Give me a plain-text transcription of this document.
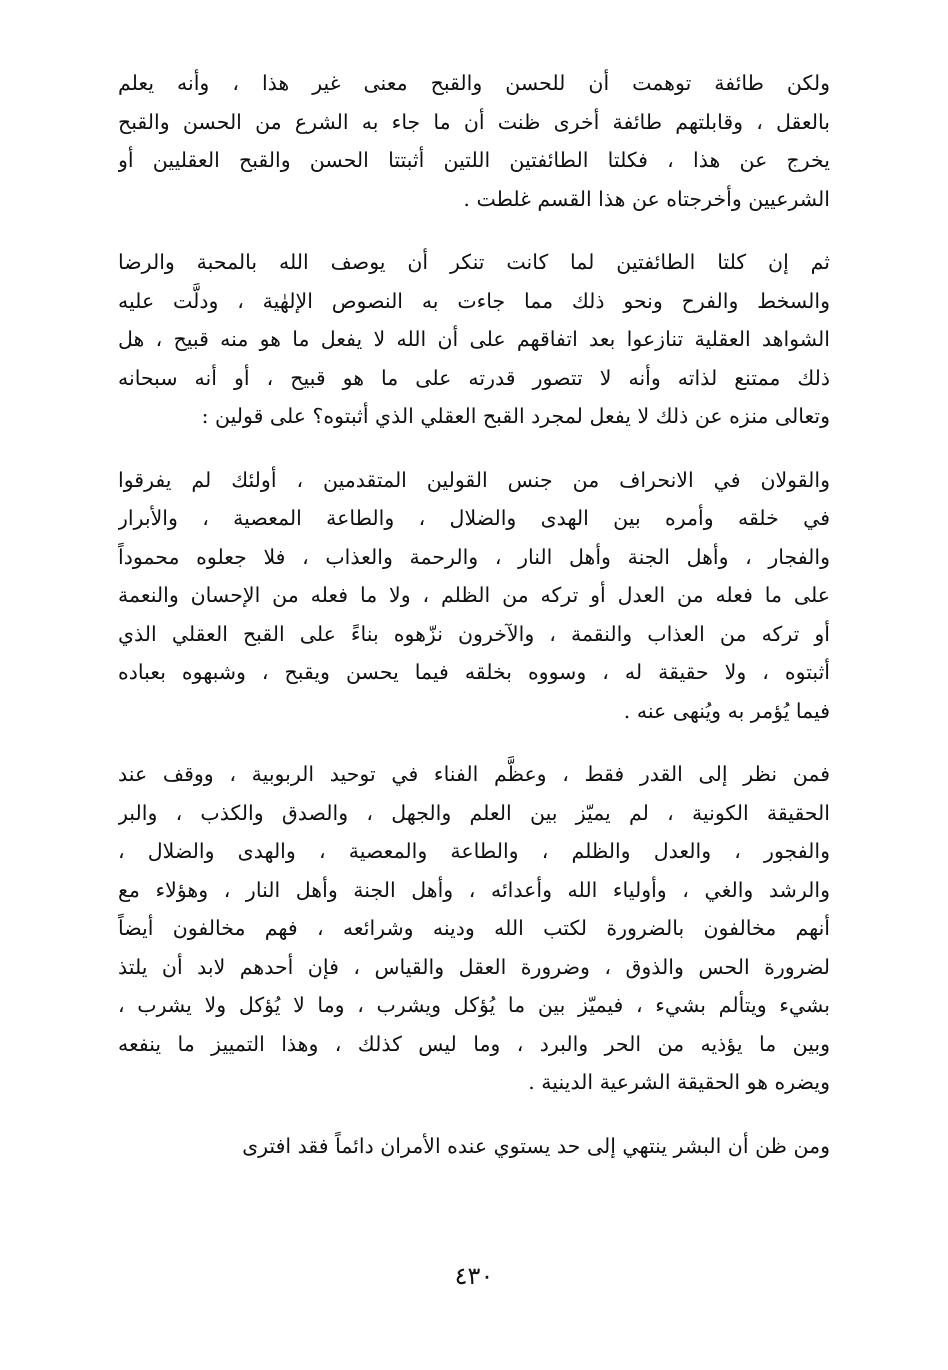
ولكن طائفة توهمت أن للحسن والقبح معنى غير هذا ، وأنه يعلم
بالعقل ، وقابلتهم طائفة أخرى ظنت أن ما جاء به الشرع من الحسن والقبح
يخرج عن هذا ، فكلتا الطائفتين اللتين أثبتتا الحسن والقبح العقليين أو
الشرعيين وأخرجتاه عن هذا القسم غلطت .
ثم إن كلتا الطائفتين لما كانت تنكر أن يوصف الله بالمحبة والرضا
والسخط والفرح ونحو ذلك مما جاءت به النصوص الإلهٰية ، ودلَّت عليه
الشواهد العقلية تنازعوا بعد اتفاقهم على أن الله لا يفعل ما هو منه قبيح ، هل
ذلك ممتنع لذاته وأنه لا تتصور قدرته على ما هو قبيح ، أو أنه سبحانه
وتعالى منزه عن ذلك لا يفعل لمجرد القبح العقلي الذي أثبتوه؟ على قولين :
والقولان في الانحراف من جنس القولين المتقدمين ، أولئك لم يفرقوا
في خلقه وأمره بين الهدى والضلال ، والطاعة المعصية ، والأبرار
والفجار ، وأهل الجنة وأهل النار ، والرحمة والعذاب ، فلا جعلوه محموداً
على ما فعله من العدل أو تركه من الظلم ، ولا ما فعله من الإحسان والنعمة
أو تركه من العذاب والنقمة ، والآخرون نزّهوه بناءً على القبح العقلي الذي
أثبتوه ، ولا حقيقة له ، وسووه بخلقه فيما يحسن ويقبح ، وشبهوه بعباده
فيما يُؤمر به ويُنهى عنه .
فمن نظر إلى القدر فقط ، وعظَّم الفناء في توحيد الربوبية ، ووقف عند
الحقيقة الكونية ، لم يميّز بين العلم والجهل ، والصدق والكذب ، والبر
والفجور ، والعدل والظلم ، والطاعة والمعصية ، والهدى والضلال ،
والرشد والغي ، وأولياء الله وأعدائه ، وأهل الجنة وأهل النار ، وهؤلاء مع
أنهم مخالفون بالضرورة لكتب الله ودينه وشرائعه ، فهم مخالفون أيضاً
لضرورة الحس والذوق ، وضرورة العقل والقياس ، فإن أحدهم لابد أن يلتذ
بشيء ويتألم بشيء ، فيميّز بين ما يُؤكل ويشرب ، وما لا يُؤكل ولا يشرب ،
وبين ما يؤذيه من الحر والبرد ، وما ليس كذلك ، وهذا التمييز ما ينفعه
ويضره هو الحقيقة الشرعية الدينية .
ومن ظن أن البشر ينتهي إلى حد يستوي عنده الأمران دائماً فقد افترى
٤٣٠
